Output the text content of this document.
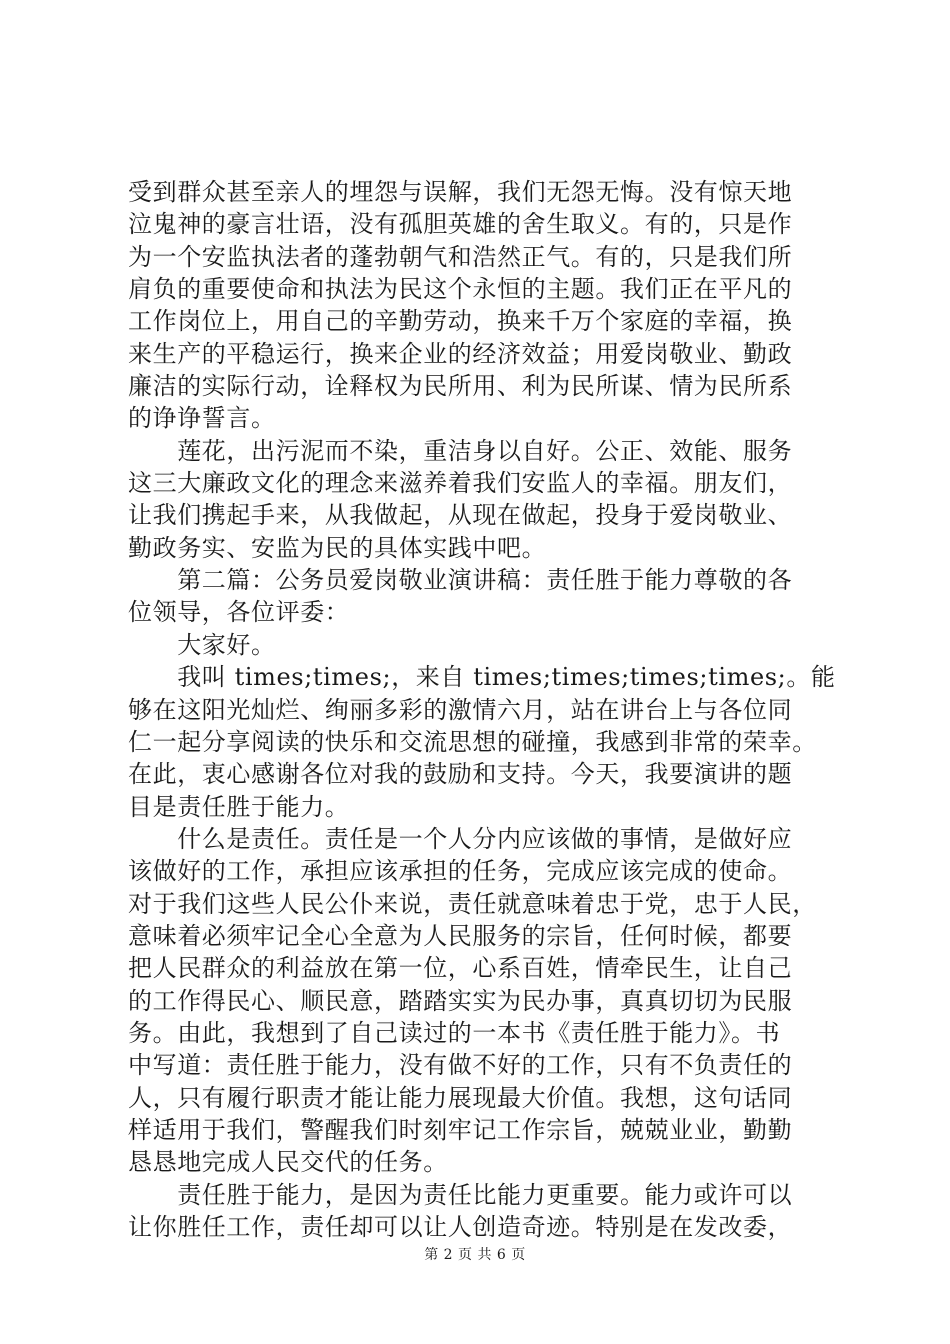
受到群众甚至亲人的埋怨与误解，我们无怨无悔。没有惊天地
泣鬼神的豪言壮语，没有孤胆英雄的舍生取义。有的，只是作
为一个安监执法者的蓬勃朝气和浩然正气。有的，只是我们所
肩负的重要使命和执法为民这个永恒的主题。我们正在平凡的
工作岗位上，用自己的辛勤劳动，换来千万个家庭的幸福，换
来生产的平稳运行，换来企业的经济效益；用爱岗敬业、勤政
廉洁的实际行动，诠释权为民所用、利为民所谋、情为民所系
的诤诤誓言。
　　莲花，出污泥而不染，重洁身以自好。公正、效能、服务
这三大廉政文化的理念来滋养着我们安监人的幸福。朋友们，
让我们携起手来，从我做起，从现在做起，投身于爱岗敬业、
勤政务实、安监为民的具体实践中吧。
　　第二篇：公务员爱岗敬业演讲稿：责任胜于能力尊敬的各
位领导，各位评委：
　　大家好。
　　我叫 times;times;，来自 times;times;times;times;。能
够在这阳光灿烂、绚丽多彩的激情六月，站在讲台上与各位同
仁一起分享阅读的快乐和交流思想的碰撞，我感到非常的荣幸。
在此，衷心感谢各位对我的鼓励和支持。今天，我要演讲的题
目是责任胜于能力。
　　什么是责任。责任是一个人分内应该做的事情，是做好应
该做好的工作，承担应该承担的任务，完成应该完成的使命。
对于我们这些人民公仆来说，责任就意味着忠于党，忠于人民，
意味着必须牢记全心全意为人民服务的宗旨，任何时候，都要
把人民群众的利益放在第一位，心系百姓，情牵民生，让自己
的工作得民心、顺民意，踏踏实实为民办事，真真切切为民服
务。由此，我想到了自己读过的一本书《责任胜于能力》。书
中写道：责任胜于能力，没有做不好的工作，只有不负责任的
人，只有履行职责才能让能力展现最大价值。我想，这句话同
样适用于我们，警醒我们时刻牢记工作宗旨，兢兢业业，勤勤
恳恳地完成人民交代的任务。
　　责任胜于能力，是因为责任比能力更重要。能力或许可以
让你胜任工作，责任却可以让人创造奇迹。特别是在发改委，
第 2 页 共 6 页
